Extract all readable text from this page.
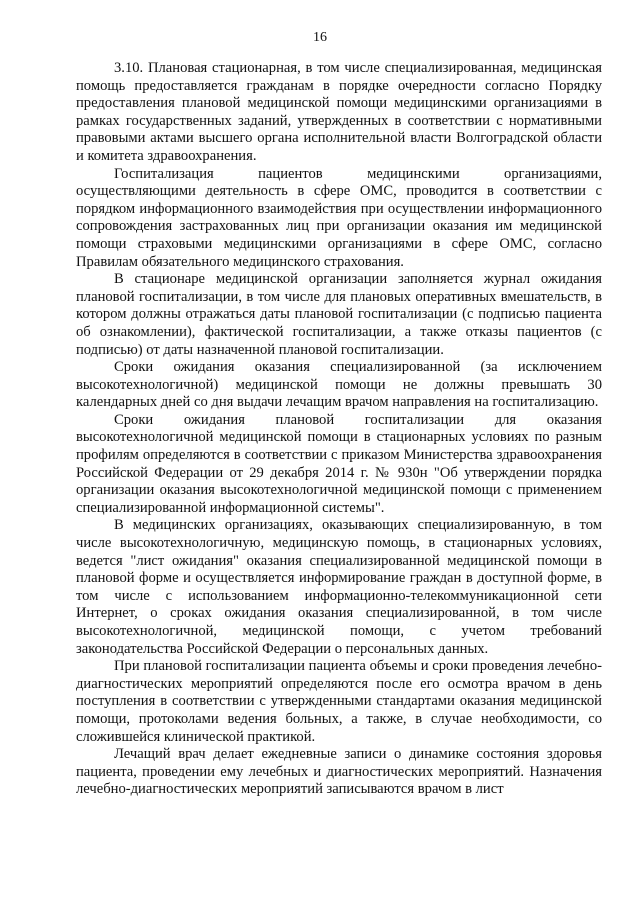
16

3.10. Плановая стационарная, в том числе специализированная, медицинская помощь предоставляется гражданам в порядке очередности согласно Порядку предоставления плановой медицинской помощи медицинскими организациями в рамках государственных заданий, утвержденных в соответствии с нормативными правовыми актами высшего органа исполнительной власти Волгоградской области и комитета здравоохранения.

Госпитализация пациентов медицинскими организациями, осуществляющими деятельность в сфере ОМС, проводится в соответствии с порядком информационного взаимодействия при осуществлении информационного сопровождения застрахованных лиц при организации оказания им медицинской помощи страховыми медицинскими организациями в сфере ОМС, согласно Правилам обязательного медицинского страхования.

В стационаре медицинской организации заполняется журнал ожидания плановой госпитализации, в том числе для плановых оперативных вмешательств, в котором должны отражаться даты плановой госпитализации (с подписью пациента об ознакомлении), фактической госпитализации, а также отказы пациентов (с подписью) от даты назначенной плановой госпитализации.

Сроки ожидания оказания специализированной (за исключением высокотехнологичной) медицинской помощи не должны превышать 30 календарных дней со дня выдачи лечащим врачом направления на госпитализацию.

Сроки ожидания плановой госпитализации для оказания высокотехнологичной медицинской помощи в стационарных условиях по разным профилям определяются в соответствии с приказом Министерства здравоохранения Российской Федерации от 29 декабря 2014 г. № 930н "Об утверждении порядка организации оказания высокотехнологичной медицинской помощи с применением специализированной информационной системы".

В медицинских организациях, оказывающих специализированную, в том числе высокотехнологичную, медицинскую помощь, в стационарных условиях, ведется "лист ожидания" оказания специализированной медицинской помощи в плановой форме и осуществляется информирование граждан в доступной форме, в том числе с использованием информационно-телекоммуникационной сети Интернет, о сроках ожидания оказания специализированной, в том числе высокотехнологичной, медицинской помощи, с учетом требований законодательства Российской Федерации о персональных данных.

При плановой госпитализации пациента объемы и сроки проведения лечебно-диагностических мероприятий определяются после его осмотра врачом в день поступления в соответствии с утвержденными стандартами оказания медицинской помощи, протоколами ведения больных, а также, в случае необходимости, со сложившейся клинической практикой.

Лечащий врач делает ежедневные записи о динамике состояния здоровья пациента, проведении ему лечебных и диагностических мероприятий. Назначения лечебно-диагностических мероприятий записываются врачом в лист
